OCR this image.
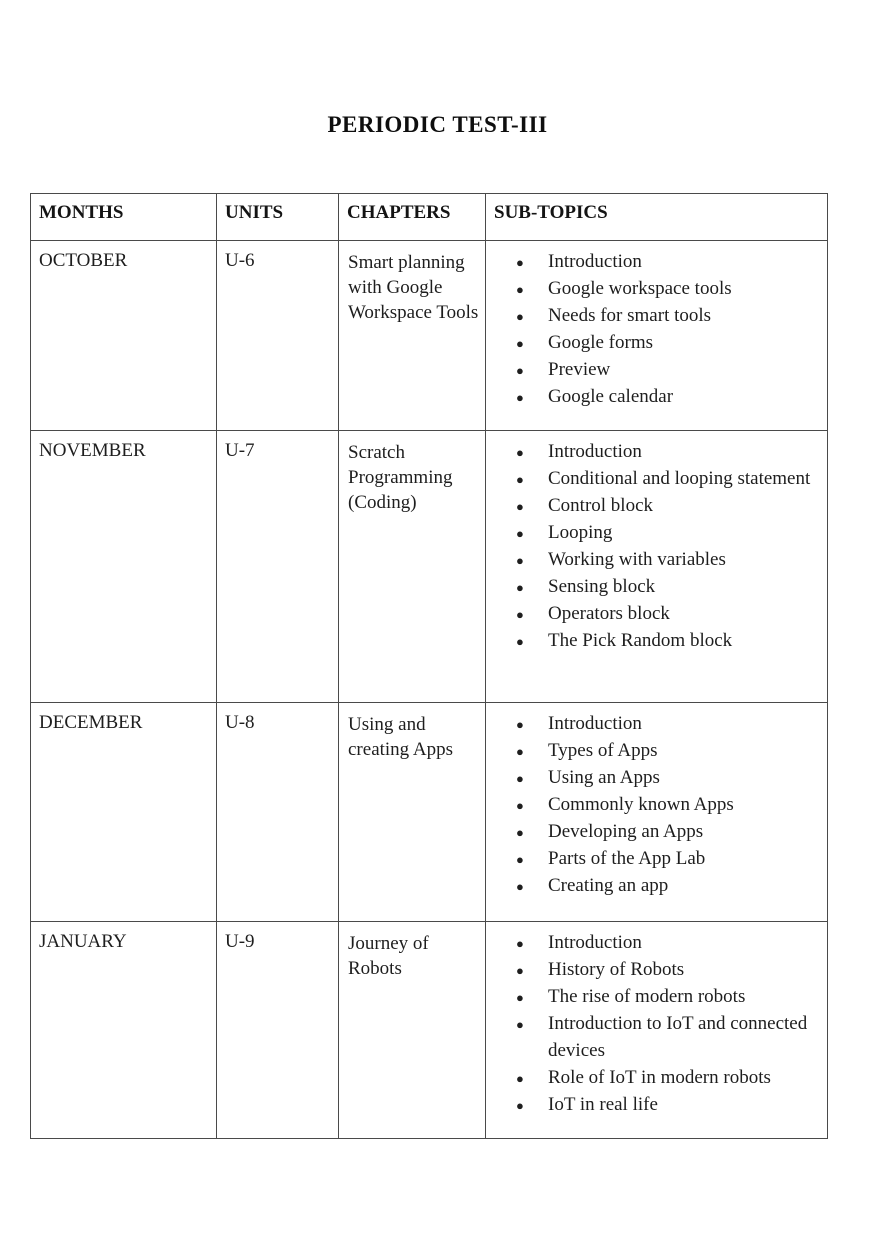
PERIODIC TEST-III
MONTHS	UNITS	CHAPTERS	SUB-TOPICS
OCTOBER	U-6	Smart planning with Google Workspace Tools	
● Introduction
● Google workspace tools
● Needs for smart tools
● Google forms
● Preview
● Google calendar

NOVEMBER	U-7	Scratch Programming (Coding)	
● Introduction
● Conditional and looping statement
● Control block
● Looping
● Working with variables
● Sensing block
● Operators block
● The Pick Random block

DECEMBER	U-8	Using and creating Apps	
● Introduction
● Types of Apps
● Using an Apps
● Commonly known Apps
● Developing an Apps
● Parts of the App Lab
● Creating an app

JANUARY	U-9	Journey of Robots	
● Introduction
● History of Robots
● The rise of modern robots
● Introduction to IoT and connected devices
● Role of IoT in modern robots
● IoT in real life
